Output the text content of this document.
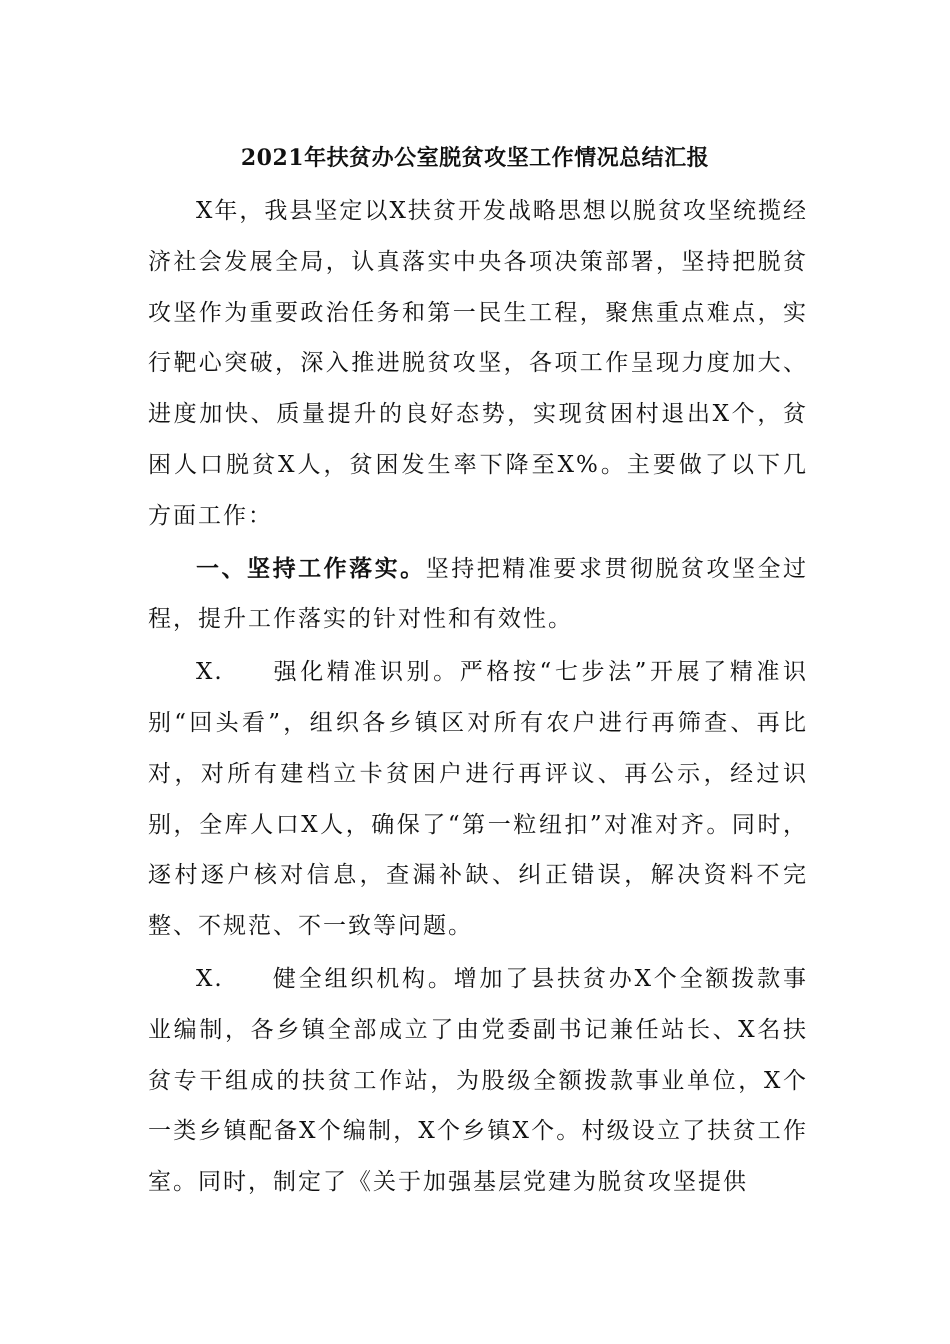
2021年扶贫办公室脱贫攻坚工作情况总结汇报

X年，我县坚定以X扶贫开发战略思想以脱贫攻坚统揽经济社会发展全局，认真落实中央各项决策部署，坚持把脱贫攻坚作为重要政治任务和第一民生工程，聚焦重点难点，实行靶心突破，深入推进脱贫攻坚，各项工作呈现力度加大、进度加快、质量提升的良好态势，实现贫困村退出X个，贫困人口脱贫X人，贫困发生率下降至X%。主要做了以下几方面工作：

一、坚持工作落实。坚持把精准要求贯彻脱贫攻坚全过程，提升工作落实的针对性和有效性。

X. 强化精准识别。严格按“七步法”开展了精准识别“回头看”，组织各乡镇区对所有农户进行再筛查、再比对，对所有建档立卡贫困户进行再评议、再公示，经过识别，全库人口X人，确保了“第一粒纽扣”对准对齐。同时，逐村逐户核对信息，查漏补缺、纠正错误，解决资料不完整、不规范、不一致等问题。

X. 健全组织机构。增加了县扶贫办X个全额拨款事业编制，各乡镇全部成立了由党委副书记兼任站长、X名扶贫专干组成的扶贫工作站，为股级全额拨款事业单位，X个一类乡镇配备X个编制，X个乡镇X个。村级设立了扶贫工作室。同时，制定了《关于加强基层党建为脱贫攻坚提供
